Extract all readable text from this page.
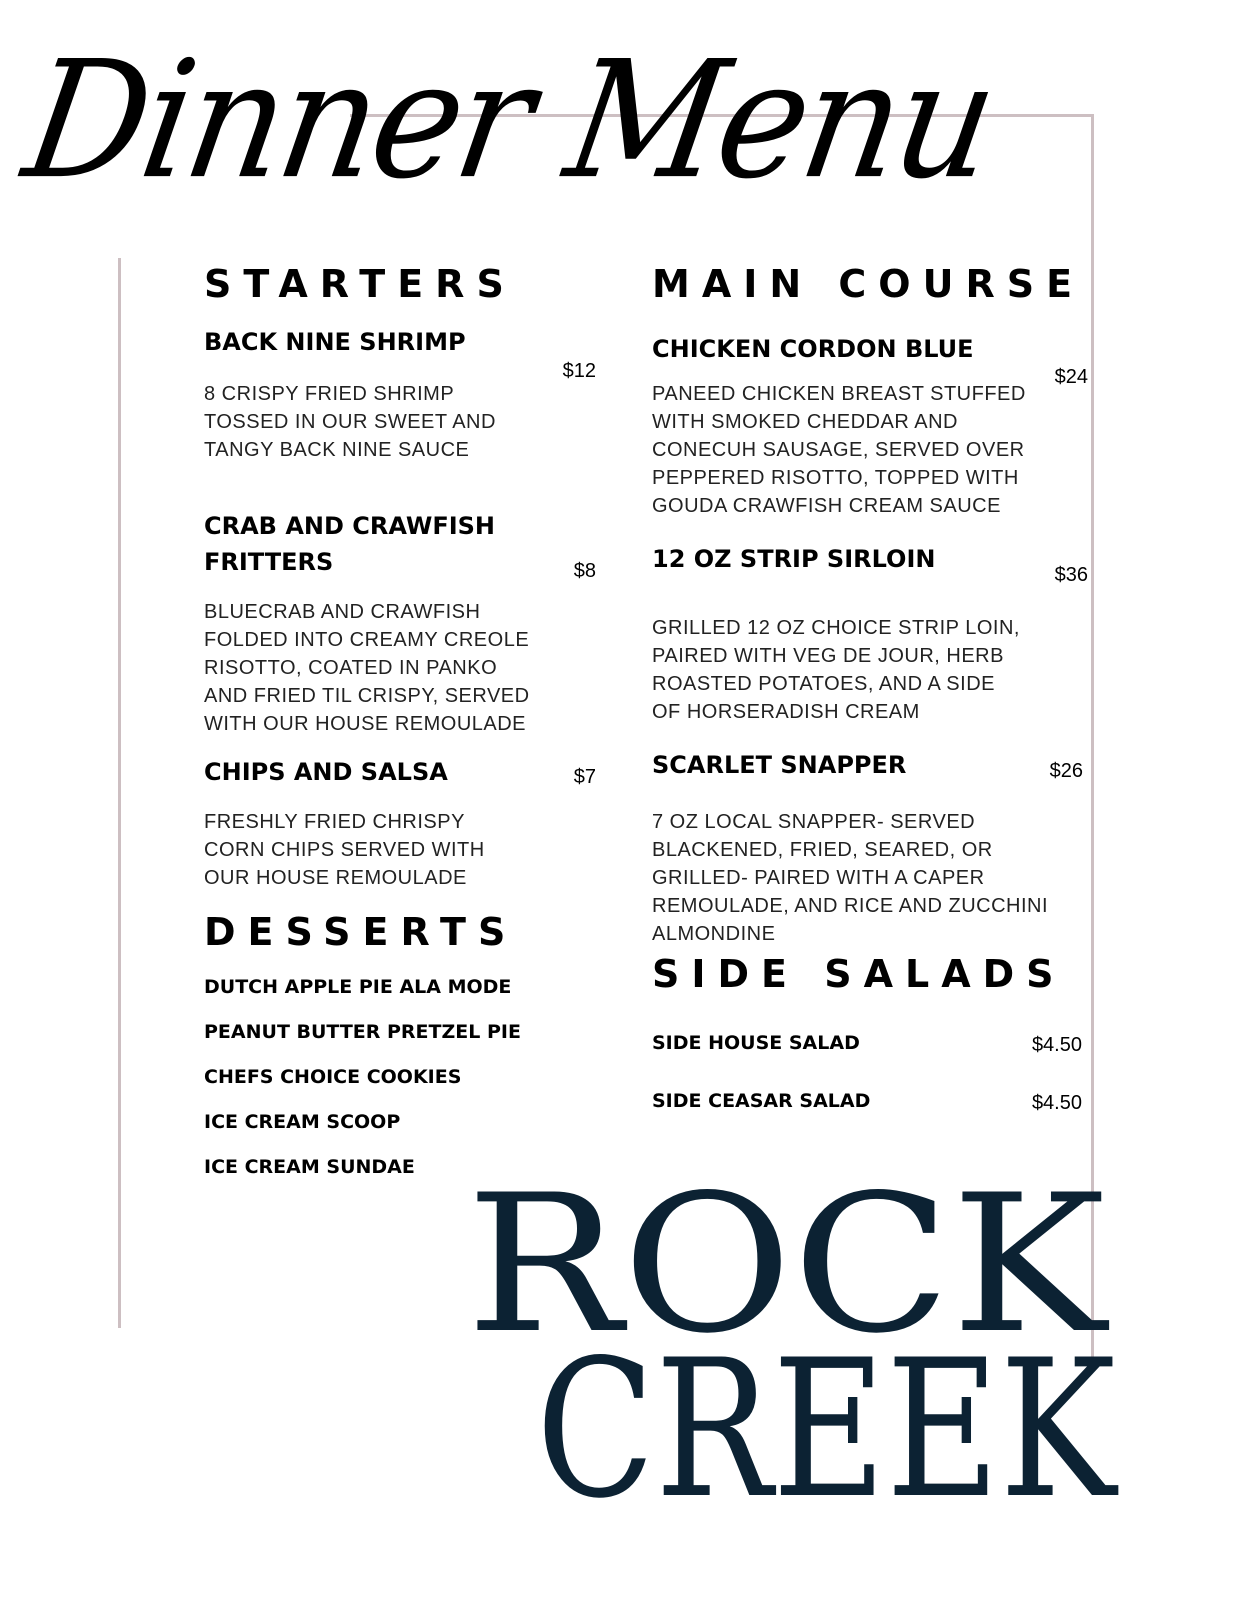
Dinner Menu
STARTERS
BACK NINE SHRIMP
$12
8 CRISPY FRIED SHRIMP TOSSED IN OUR SWEET AND TANGY BACK NINE SAUCE
CRAB AND CRAWFISH FRITTERS	$8
BLUECRAB AND CRAWFISH FOLDED INTO CREAMY CREOLE RISOTTO, COATED IN PANKO AND FRIED TIL CRISPY, SERVED WITH OUR HOUSE REMOULADE
CHIPS AND SALSA	$7
FRESHLY FRIED CHRISPY CORN CHIPS SERVED WITH OUR HOUSE REMOULADE
DESSERTS
DUTCH APPLE PIE ALA MODE
PEANUT BUTTER PRETZEL PIE
CHEFS CHOICE COOKIES
ICE CREAM SCOOP
ICE CREAM SUNDAE
MAIN COURSE
CHICKEN CORDON BLUE
$24
PANEED CHICKEN BREAST STUFFED WITH SMOKED CHEDDAR AND CONECUH SAUSAGE, SERVED OVER PEPPERED RISOTTO, TOPPED WITH GOUDA CRAWFISH CREAM SAUCE
12 OZ STRIP SIRLOIN
$36
GRILLED 12 OZ CHOICE STRIP LOIN, PAIRED WITH VEG DE JOUR, HERB ROASTED POTATOES, AND A SIDE OF HORSERADISH CREAM
SCARLET SNAPPER	$26
7 OZ LOCAL SNAPPER- SERVED BLACKENED, FRIED, SEARED, OR GRILLED- PAIRED WITH A CAPER REMOULADE, AND RICE AND ZUCCHINI ALMONDINE
SIDE SALADS
SIDE HOUSE SALAD	$4.50
SIDE CEASAR SALAD	$4.50
ROCK
CREEK
